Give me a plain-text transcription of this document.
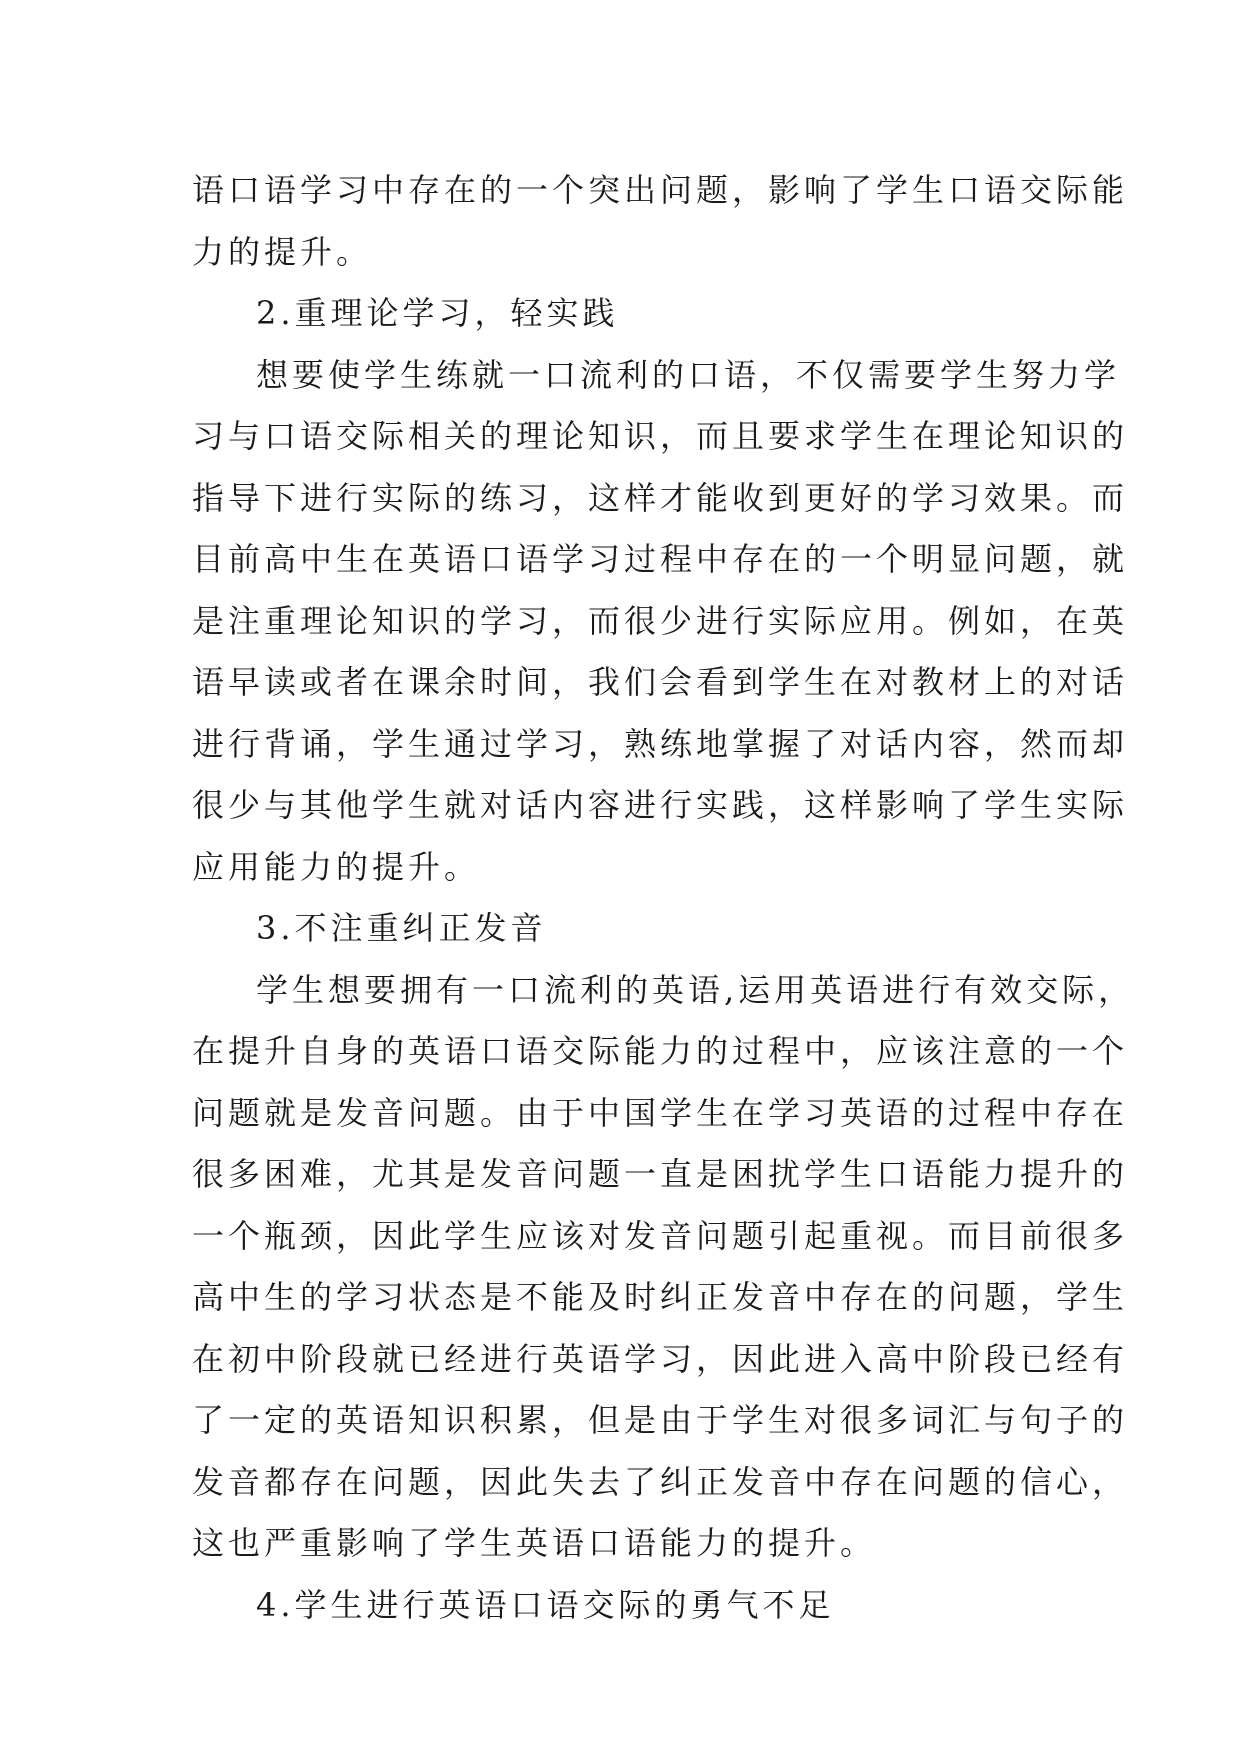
语口语学习中存在的一个突出问题，影响了学生口语交际能
力的提升。
2.重理论学习，轻实践
想要使学生练就一口流利的口语，不仅需要学生努力学
习与口语交际相关的理论知识，而且要求学生在理论知识的
指导下进行实际的练习，这样才能收到更好的学习效果。而
目前高中生在英语口语学习过程中存在的一个明显问题，就
是注重理论知识的学习，而很少进行实际应用。例如，在英
语早读或者在课余时间，我们会看到学生在对教材上的对话
进行背诵，学生通过学习，熟练地掌握了对话内容，然而却
很少与其他学生就对话内容进行实践，这样影响了学生实际
应用能力的提升。
3.不注重纠正发音
学生想要拥有一口流利的英语,运用英语进行有效交际，
在提升自身的英语口语交际能力的过程中，应该注意的一个
问题就是发音问题。由于中国学生在学习英语的过程中存在
很多困难，尤其是发音问题一直是困扰学生口语能力提升的
一个瓶颈，因此学生应该对发音问题引起重视。而目前很多
高中生的学习状态是不能及时纠正发音中存在的问题，学生
在初中阶段就已经进行英语学习，因此进入高中阶段已经有
了一定的英语知识积累，但是由于学生对很多词汇与句子的
发音都存在问题，因此失去了纠正发音中存在问题的信心，
这也严重影响了学生英语口语能力的提升。
4.学生进行英语口语交际的勇气不足
